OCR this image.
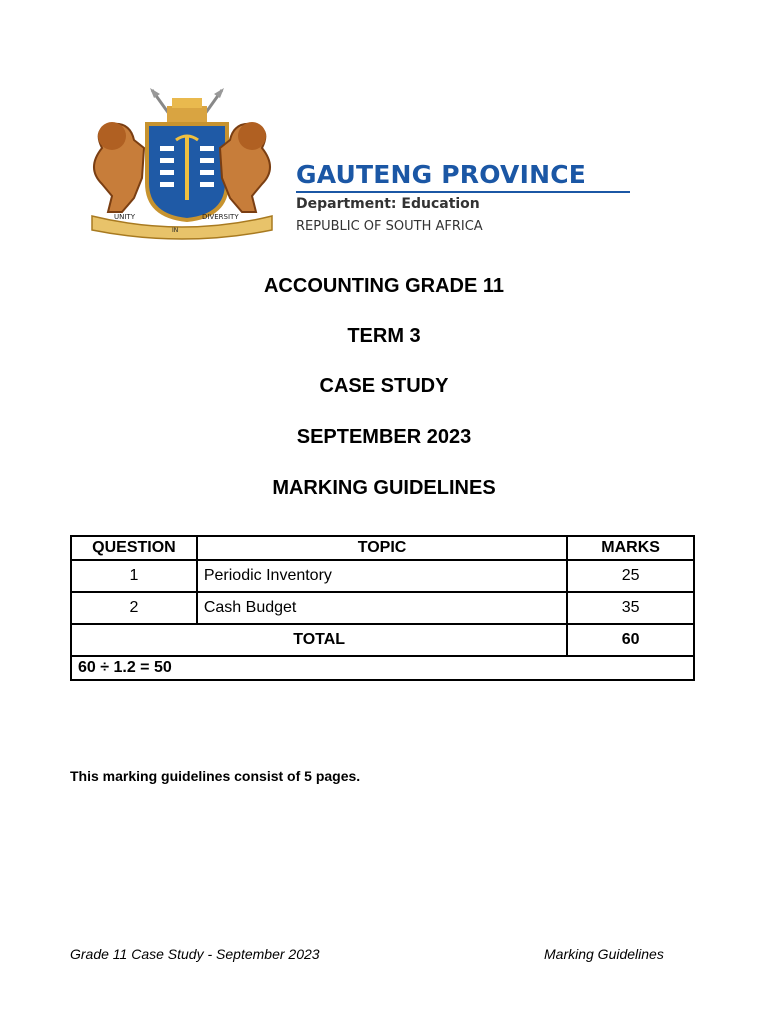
UNITY
IN
DIVERSITY
GAUTENG PROVINCE
Department: Education
REPUBLIC OF SOUTH AFRICA
ACCOUNTING GRADE 11
TERM 3
CASE STUDY
SEPTEMBER 2023
MARKING GUIDELINES
QUESTION	TOPIC	MARKS
1	Periodic Inventory	25
2	Cash Budget	35
TOTAL		60
60 ÷ 1.2 = 50		
This marking guidelines consist of 5 pages.
Grade 11 Case Study - September 2023	Marking Guidelines
